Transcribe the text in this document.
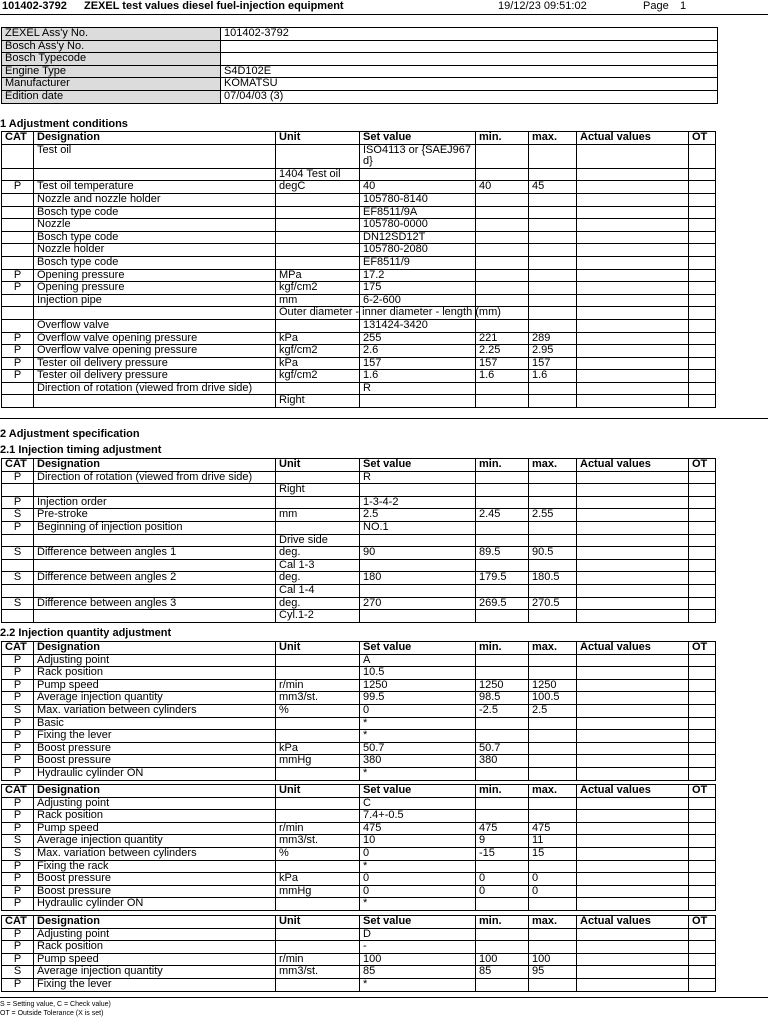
101402-3792 ZEXEL test values diesel fuel-injection equipment	19/12/23 09:51:02	Page 1
ZEXEL Ass'y No.	101402-3792
Bosch Ass'y No.	
Bosch Typecode	
Engine Type	S4D102E
Manufacturer	KOMATSU
Edition date	07/04/03 (3)
1 Adjustment conditions
CAT	Designation	Unit	Set value	min.	max.	Actual values	OT
	Test oil		ISO4113 or {SAEJ967d}				
		1404 Test oil					
P	Test oil temperature	degC	40	40	45		
	Nozzle and nozzle holder		105780-8140				
	Bosch type code		EF8511/9A				
	Nozzle		105780-0000				
	Bosch type code		DN12SD12T				
	Nozzle holder		105780-2080				
	Bosch type code		EF8511/9				
P	Opening pressure	MPa	17.2				
P	Opening pressure	kgf/cm2	175				
	Injection pipe	mm	6-2-600				
		Outer diameter - inner diameter - length (mm)					
	Overflow valve		131424-3420				
P	Overflow valve opening pressure	kPa	255	221	289		
P	Overflow valve opening pressure	kgf/cm2	2.6	2.25	2.95		
P	Tester oil delivery pressure	kPa	157	157	157		
P	Tester oil delivery pressure	kgf/cm2	1.6	1.6	1.6		
	Direction of rotation (viewed from drive side)		R				
		Right					
2 Adjustment specification
2.1 Injection timing adjustment
CAT	Designation	Unit	Set value	min.	max.	Actual values	OT
P	Direction of rotation (viewed from drive side)		R				
		Right					
P	Injection order		1-3-4-2				
S	Pre-stroke	mm	2.5	2.45	2.55		
P	Beginning of injection position		NO.1				
		Drive side					
S	Difference between angles 1	deg.	90	89.5	90.5		
		Cal 1-3					
S	Difference between angles 2	deg.	180	179.5	180.5		
		Cal 1-4					
S	Difference between angles 3	deg.	270	269.5	270.5		
		Cyl.1-2					
2.2 Injection quantity adjustment
CAT	Designation	Unit	Set value	min.	max.	Actual values	OT
P	Adjusting point		A				
P	Rack position		10.5				
P	Pump speed	r/min	1250	1250	1250		
P	Average injection quantity	mm3/st.	99.5	98.5	100.5		
S	Max. variation between cylinders	%	0	-2.5	2.5		
P	Basic		*				
P	Fixing the lever		*				
P	Boost pressure	kPa	50.7	50.7			
P	Boost pressure	mmHg	380	380			
P	Hydraulic cylinder ON		*				
CAT	Designation	Unit	Set value	min.	max.	Actual values	OT
P	Adjusting point		C				
P	Rack position		7.4+-0.5				
P	Pump speed	r/min	475	475	475		
S	Average injection quantity	mm3/st.	10	9	11		
S	Max. variation between cylinders	%	0	-15	15		
P	Fixing the rack		*				
P	Boost pressure	kPa	0	0	0		
P	Boost pressure	mmHg	0	0	0		
P	Hydraulic cylinder ON		*				
CAT	Designation	Unit	Set value	min.	max.	Actual values	OT
P	Adjusting point		D				
P	Rack position		-				
P	Pump speed	r/min	100	100	100		
S	Average injection quantity	mm3/st.	85	85	95		
P	Fixing the lever		*				
S = Setting value, C = Check value)
OT = Outside Tolerance (X is set)
